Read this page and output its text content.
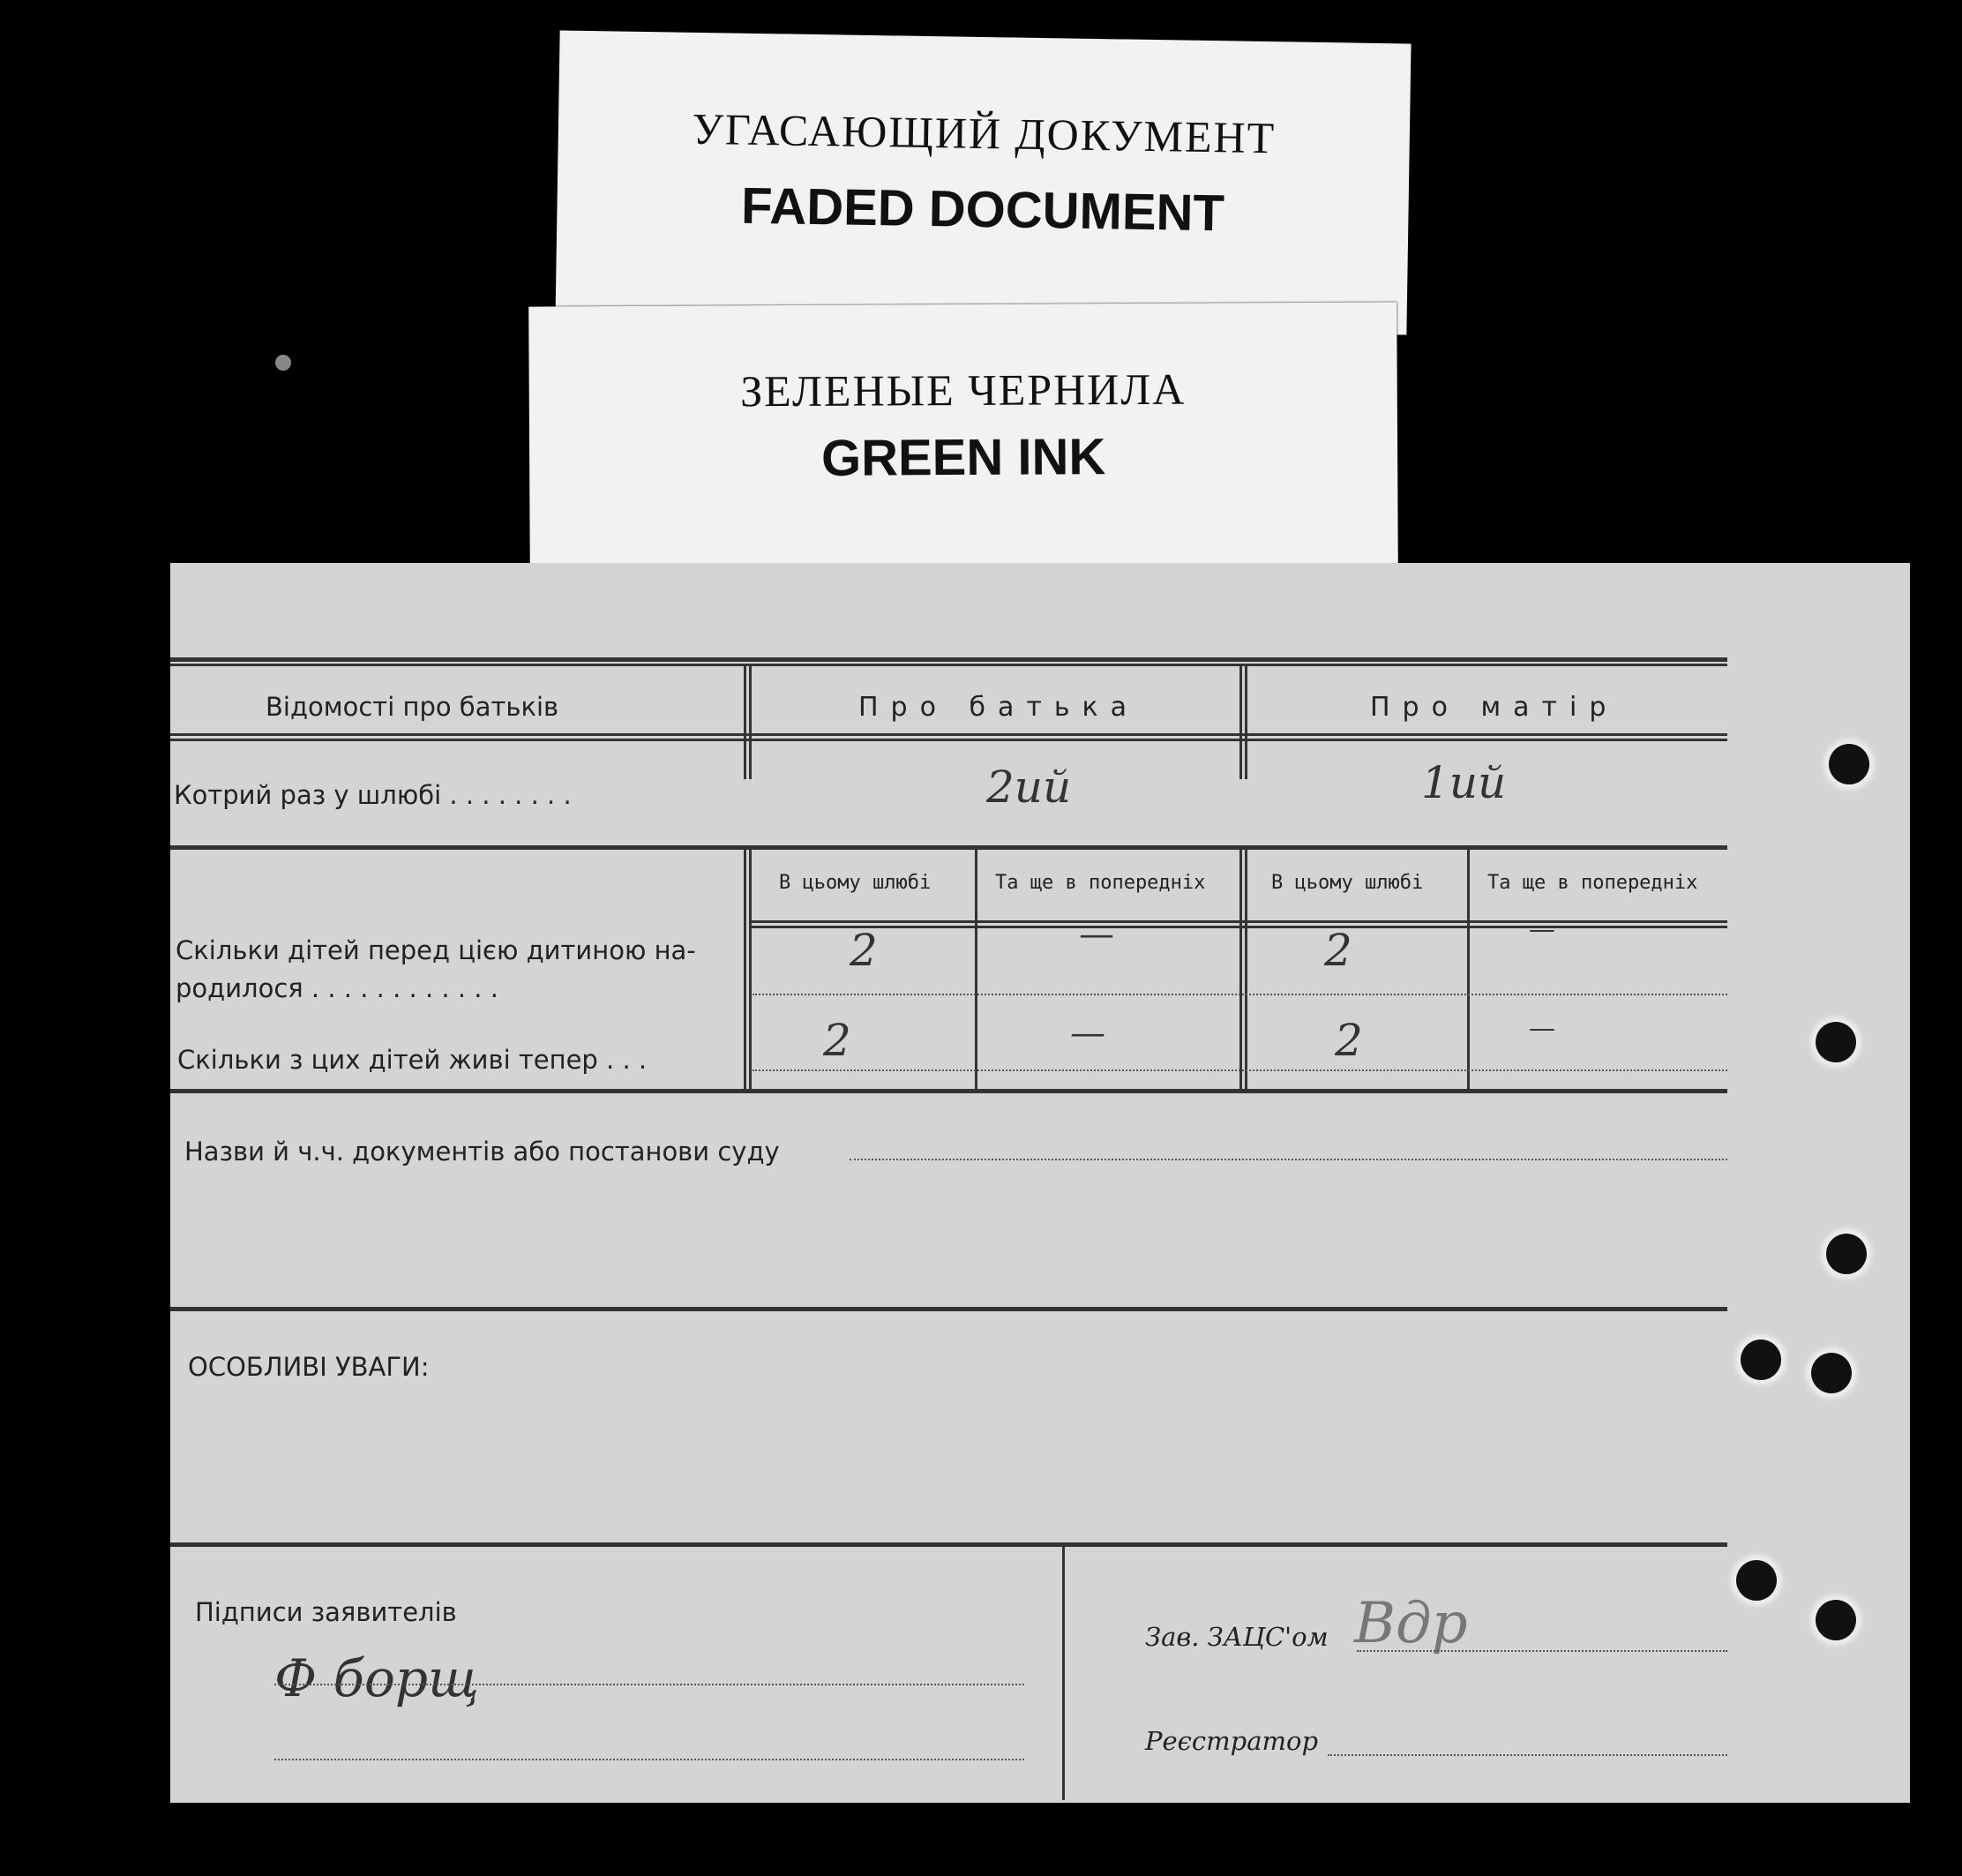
УГАСАЮЩИЙ ДОКУМЕНТ
FADED DOCUMENT
ЗЕЛЕНЫЕ ЧЕРНИЛА
GREEN INK
Відомості про батьків	Про батька	Про матір
Котрий раз у шлюбі . . . . . . . .	2ий	1ий
В цьому шлюбі	Та ще в попередніх	В цьому шлюбі	Та ще в попередніх
Скільки дітей перед цією дитиною на-
родилося . . . . . . . . . . . .
2	—	2	—
Скільки з цих дітей живі тепер . . .	2	—	2	—
Назви й ч.ч. документів або постанови суду
ОСОБЛИВІ УВАГИ:
Підписи заявителів
Ф борщ
Зав. ЗАЦС'ом Вдр
Реєстратор
